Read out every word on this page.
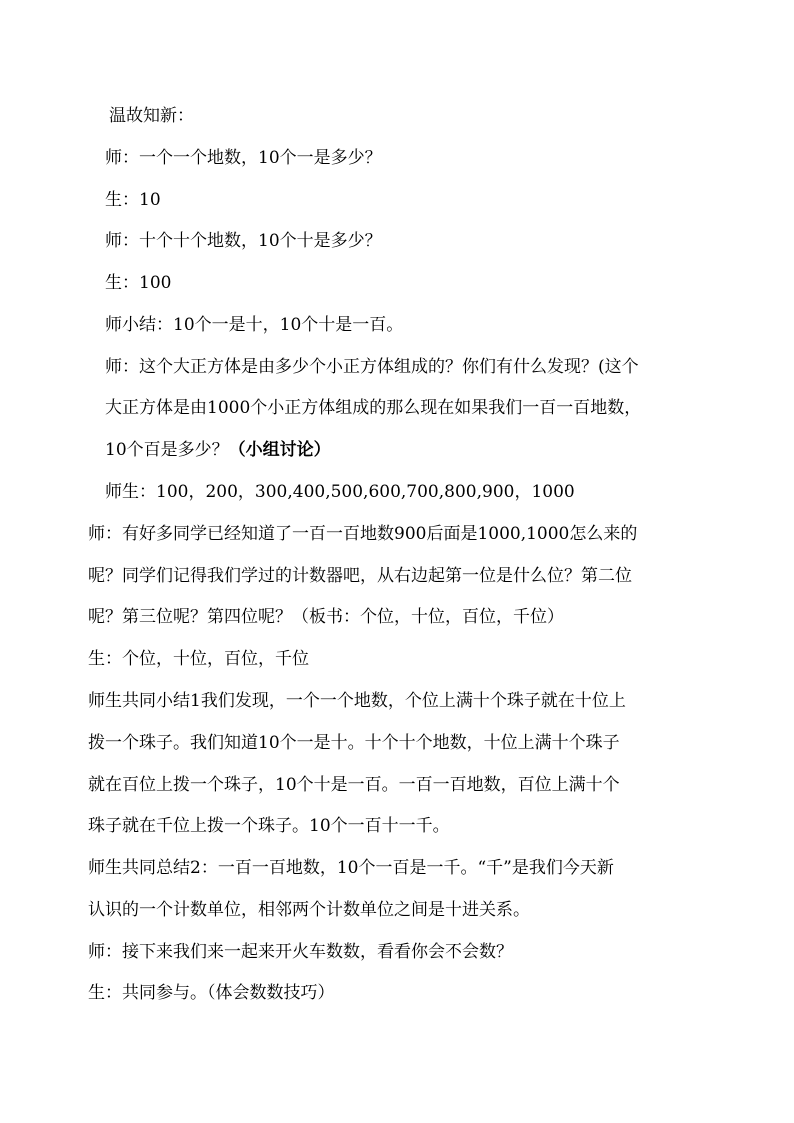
温故知新：
师：一个一个地数，10个一是多少？
生：10
师：十个十个地数，10个十是多少？
生：100
师小结：10个一是十，10个十是一百。
师：这个大正方体是由多少个小正方体组成的？你们有什么发现？(这个
大正方体是由1000个小正方体组成的那么现在如果我们一百一百地数，
10个百是多少？（小组讨论）
师生：100，200，300,400,500,600,700,800,900，1000
师：有好多同学已经知道了一百一百地数900后面是1000,1000怎么来的
呢？同学们记得我们学过的计数器吧，从右边起第一位是什么位？第二位
呢？第三位呢？第四位呢？（板书：个位，十位，百位，千位）
生：个位，十位，百位，千位
师生共同小结1我们发现，一个一个地数，个位上满十个珠子就在十位上
拨一个珠子。我们知道10个一是十。十个十个地数，十位上满十个珠子
就在百位上拨一个珠子，10个十是一百。一百一百地数，百位上满十个
珠子就在千位上拨一个珠子。10个一百十一千。
师生共同总结2：一百一百地数，10个一百是一千。“千”是我们今天新
认识的一个计数单位，相邻两个计数单位之间是十进关系。
师：接下来我们来一起来开火车数数，看看你会不会数？
生：共同参与。（体会数数技巧）
